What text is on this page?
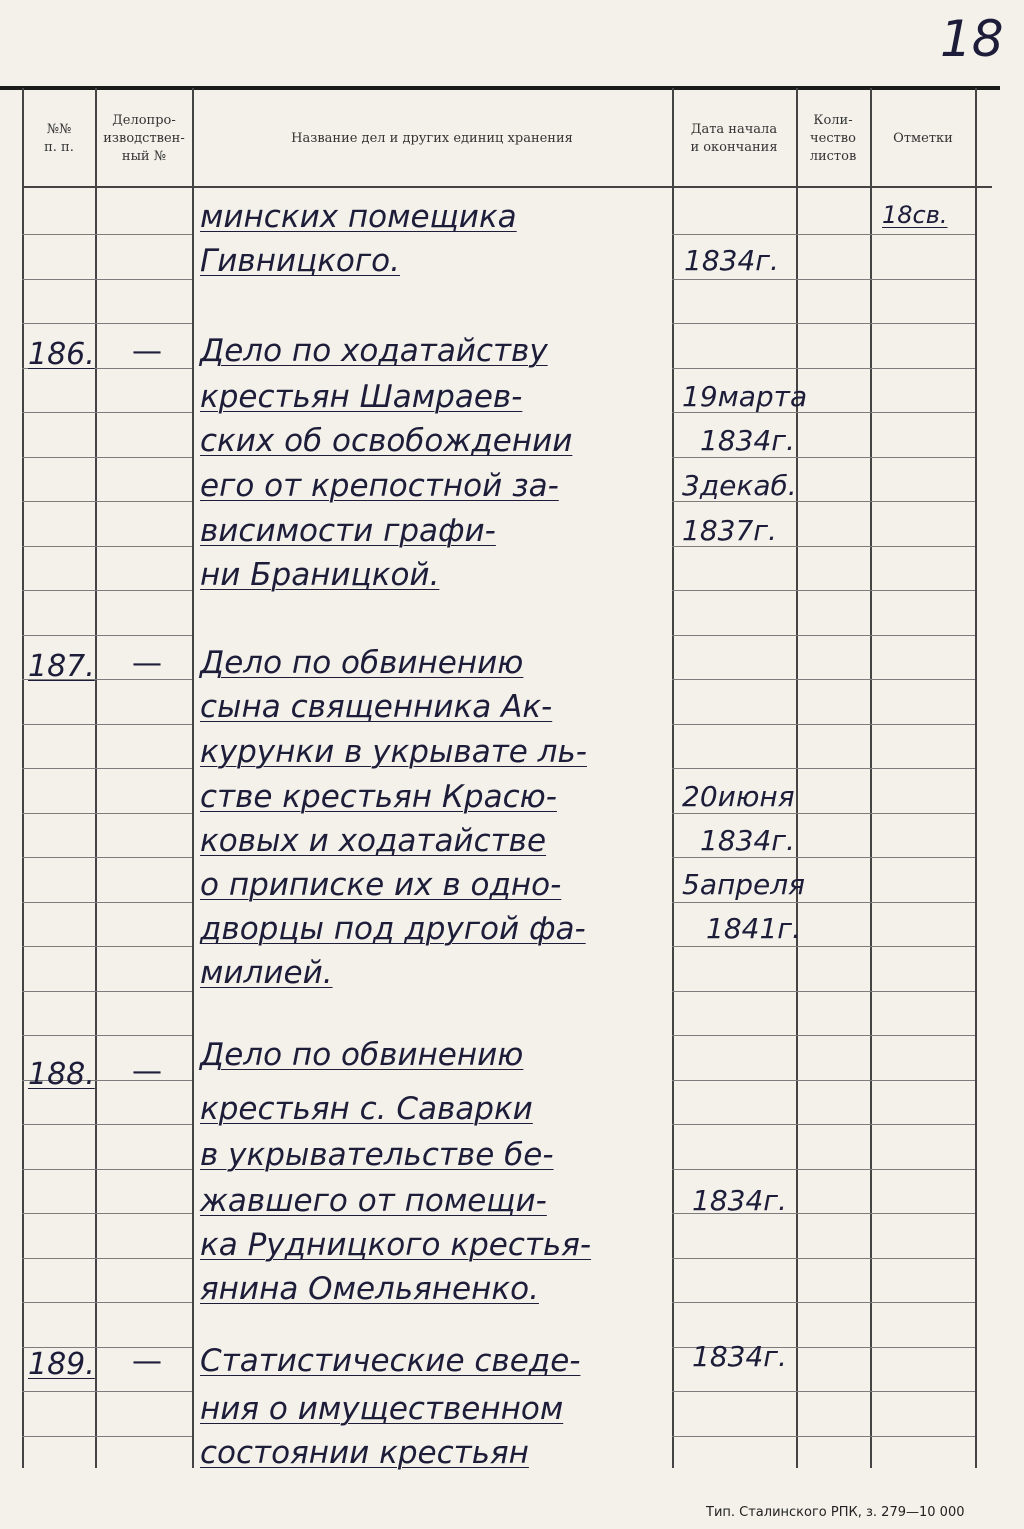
18
№№
п. п.
Делопро-
изводствен-
ный №
Название дел и других единиц хранения
Дата начала
и окончания
Коли-
чество
листов
Отметки
минских помещика
Гивницкого.	1834г.
18св.
186. — Дело по ходатайству
крестьян Шамраев-
ских об освобождении
его от крепостной за-
висимости графи-
ни Браницкой.
19марта
1834г.
3декаб.
1837г.
187. — Дело по обвинению
сына священника Ак-
курунки в укрывате ль-
стве крестьян Красю-
ковых и ходатайстве
о приписке их в одно-
дворцы под другой фа-
милией.
20июня
1834г.
5апреля
1841г.
188. — Дело по обвинению
крестьян с. Саварки
в укрывательстве бе-
жавшего от помещи-
ка Рудницкого крестья-
янина Омельяненко.
1834г.
189. — Статистические сведе-
ния о имущественном
состоянии крестьян
1834г.
Тип. Сталинского РПК, з. 279—10 000
